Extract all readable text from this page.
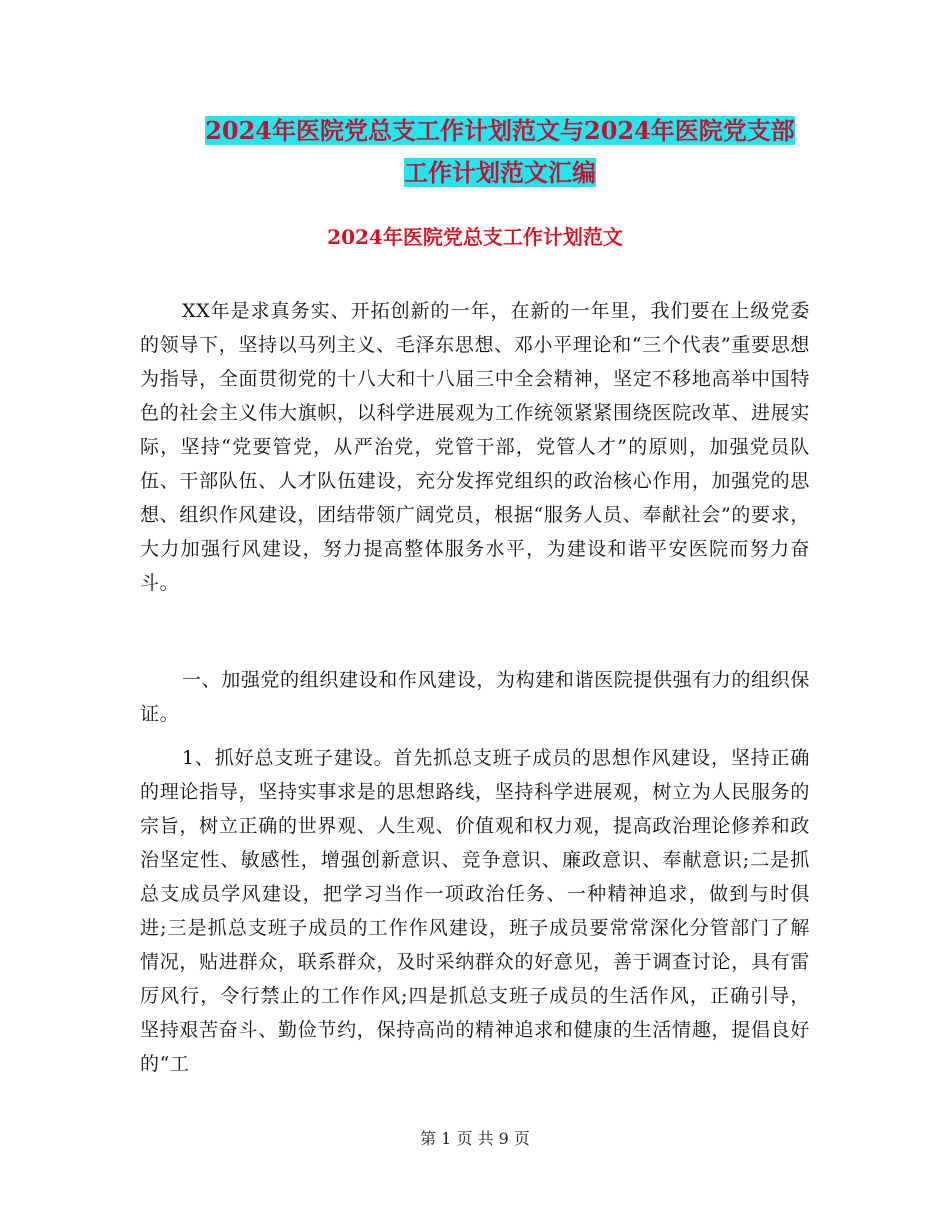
2024年医院党总支工作计划范文与2024年医院党支部
工作计划范文汇编
2024年医院党总支工作计划范文

XX年是求真务实、开拓创新的一年，在新的一年里，我们要在上级党委的领导下，坚持以马列主义、毛泽东思想、邓小平理论和“三个代表”重要思想为指导，全面贯彻党的十八大和十八届三中全会精神，坚定不移地高举中国特色的社会主义伟大旗帜，以科学进展观为工作统领紧紧围绕医院改革、进展实际，坚持“党要管党，从严治党，党管干部，党管人才”的原则，加强党员队伍、干部队伍、人才队伍建设，充分发挥党组织的政治核心作用，加强党的思想、组织作风建设，团结带领广阔党员，根据“服务人员、奉献社会”的要求，大力加强行风建设，努力提高整体服务水平，为建设和谐平安医院而努力奋斗。

一、加强党的组织建设和作风建设，为构建和谐医院提供强有力的组织保证。

1、抓好总支班子建设。首先抓总支班子成员的思想作风建设，坚持正确的理论指导，坚持实事求是的思想路线，坚持科学进展观，树立为人民服务的宗旨，树立正确的世界观、人生观、价值观和权力观，提高政治理论修养和政治坚定性、敏感性，增强创新意识、竞争意识、廉政意识、奉献意识;二是抓总支成员学风建设，把学习当作一项政治任务、一种精神追求，做到与时俱进;三是抓总支班子成员的工作作风建设，班子成员要常常深化分管部门了解情况，贴进群众，联系群众，及时采纳群众的好意见，善于调查讨论，具有雷厉风行，令行禁止的工作作风;四是抓总支班子成员的生活作风，正确引导，坚持艰苦奋斗、勤俭节约，保持高尚的精神追求和健康的生活情趣，提倡良好的“工

第 1 页 共 9 页
